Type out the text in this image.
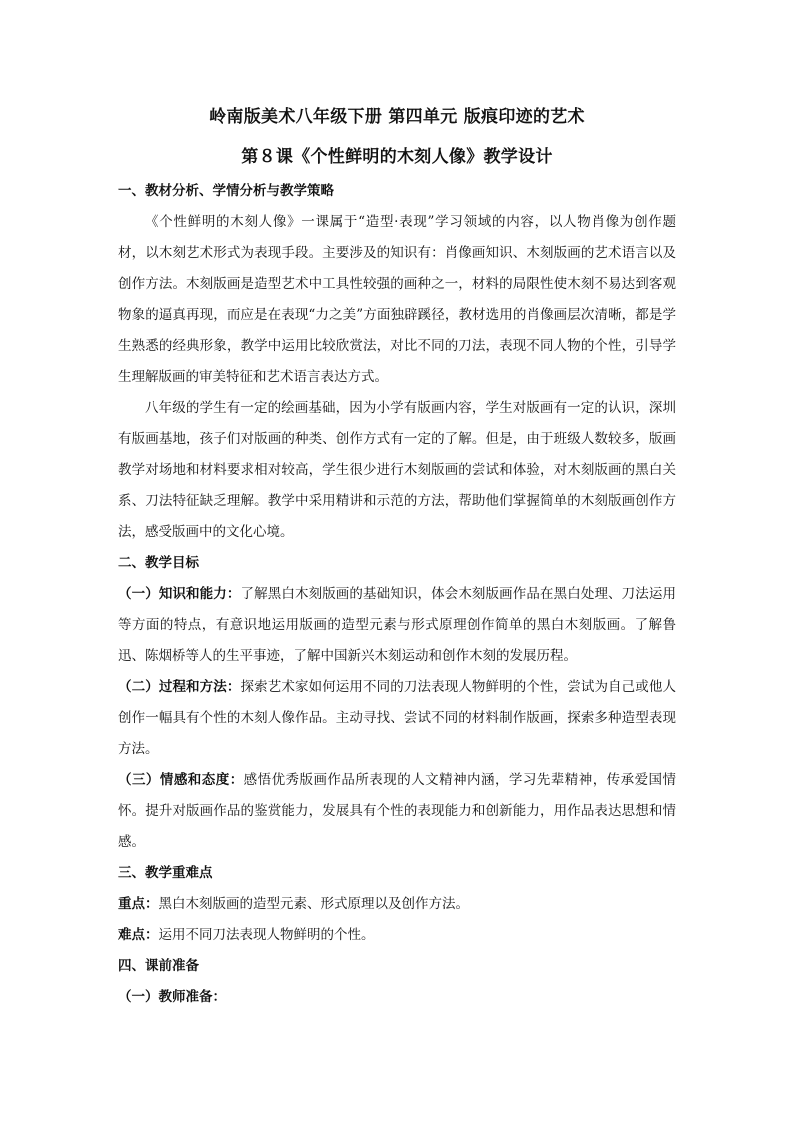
岭南版美术八年级下册 第四单元 版痕印迹的艺术

第８课《个性鲜明的木刻人像》教学设计

一、教材分析、学情分析与教学策略

《个性鲜明的木刻人像》一课属于“造型·表现”学习领域的内容，以人物肖像为创作题材，以木刻艺术形式为表现手段。主要涉及的知识有：肖像画知识、木刻版画的艺术语言以及创作方法。木刻版画是造型艺术中工具性较强的画种之一，材料的局限性使木刻不易达到客观物象的逼真再现，而应是在表现“力之美”方面独辟蹊径，教材选用的肖像画层次清晰，都是学生熟悉的经典形象，教学中运用比较欣赏法，对比不同的刀法，表现不同人物的个性，引导学生理解版画的审美特征和艺术语言表达方式。

八年级的学生有一定的绘画基础，因为小学有版画内容，学生对版画有一定的认识，深圳有版画基地，孩子们对版画的种类、创作方式有一定的了解。但是，由于班级人数较多，版画教学对场地和材料要求相对较高，学生很少进行木刻版画的尝试和体验，对木刻版画的黑白关系、刀法特征缺乏理解。教学中采用精讲和示范的方法，帮助他们掌握简单的木刻版画创作方法，感受版画中的文化心境。

二、教学目标

（一）知识和能力：了解黑白木刻版画的基础知识，体会木刻版画作品在黑白处理、刀法运用等方面的特点，有意识地运用版画的造型元素与形式原理创作简单的黑白木刻版画。了解鲁迅、陈烟桥等人的生平事迹，了解中国新兴木刻运动和创作木刻的发展历程。

（二）过程和方法：探索艺术家如何运用不同的刀法表现人物鲜明的个性，尝试为自己或他人创作一幅具有个性的木刻人像作品。主动寻找、尝试不同的材料制作版画，探索多种造型表现方法。

（三）情感和态度：感悟优秀版画作品所表现的人文精神内涵，学习先辈精神，传承爱国情怀。提升对版画作品的鉴赏能力，发展具有个性的表现能力和创新能力，用作品表达思想和情感。

三、教学重难点

重点：黑白木刻版画的造型元素、形式原理以及创作方法。

难点：运用不同刀法表现人物鲜明的个性。

四、课前准备

（一）教师准备：
